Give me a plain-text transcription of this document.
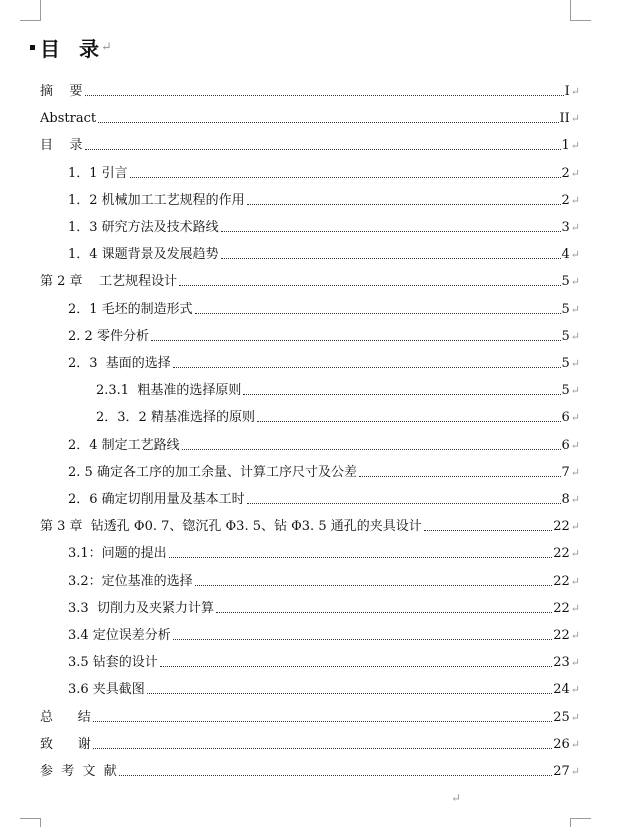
目 录 ↵
摘    要	I ↵
Abstract	II ↵
目    录	1 ↵
1．1 引言	2 ↵
1．2 机械加工工艺规程的作用	2 ↵
1．3 研究方法及技术路线	3 ↵
1．4 课题背景及发展趋势	4 ↵
第 2 章    工艺规程设计	5 ↵
2．1 毛坯的制造形式	5 ↵
2. 2 零件分析	5 ↵
2．3  基面的选择	5 ↵
2.3.1  粗基准的选择原则	5 ↵
2．3．2 精基准选择的原则	6 ↵
2．4 制定工艺路线	6 ↵
2. 5 确定各工序的加工余量、计算工序尺寸及公差	7 ↵
2．6 确定切削用量及基本工时	8 ↵
第 3 章  钻透孔 Φ0. 7、锪沉孔 Φ3. 5、钻 Φ3. 5 通孔的夹具设计	22 ↵
3.1：问题的提出	22 ↵
3.2：定位基准的选择	22 ↵
3.3  切削力及夹紧力计算	22 ↵
3.4 定位误差分析	22 ↵
3.5 钻套的设计	23 ↵
3.6 夹具截图	24 ↵
总      结	25 ↵
致      谢	26 ↵
参  考  文  献	27 ↵
↵
